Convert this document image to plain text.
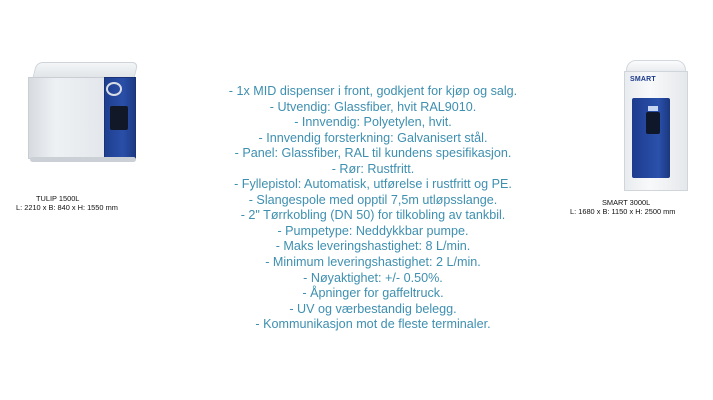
TULIP 1500L
L: 2210 x B: 840 x H: 1550 mm
- 1x MID dispenser i front, godkjent for kjøp og salg.
- Utvendig: Glassfiber, hvit RAL9010.
- Innvendig: Polyetylen, hvit.
- Innvendig forsterkning: Galvanisert stål.
- Panel: Glassfiber, RAL til kundens spesifikasjon.
- Rør: Rustfritt.
- Fyllepistol: Automatisk, utførelse i rustfritt og PE.
- Slangespole med opptil 7,5m utløpsslange.
- 2" Tørrkobling (DN 50) for tilkobling av tankbil.
- Pumpetype: Neddykkbar pumpe.
- Maks leveringshastighet: 8 L/min.
- Minimum leveringshastighet: 2 L/min.
- Nøyaktighet: +/- 0.50%.
- Åpninger for gaffeltruck.
- UV og værbestandig belegg.
- Kommunikasjon mot de fleste terminaler.
SMART
SMART 3000L
L: 1680 x B: 1150 x H: 2500 mm
